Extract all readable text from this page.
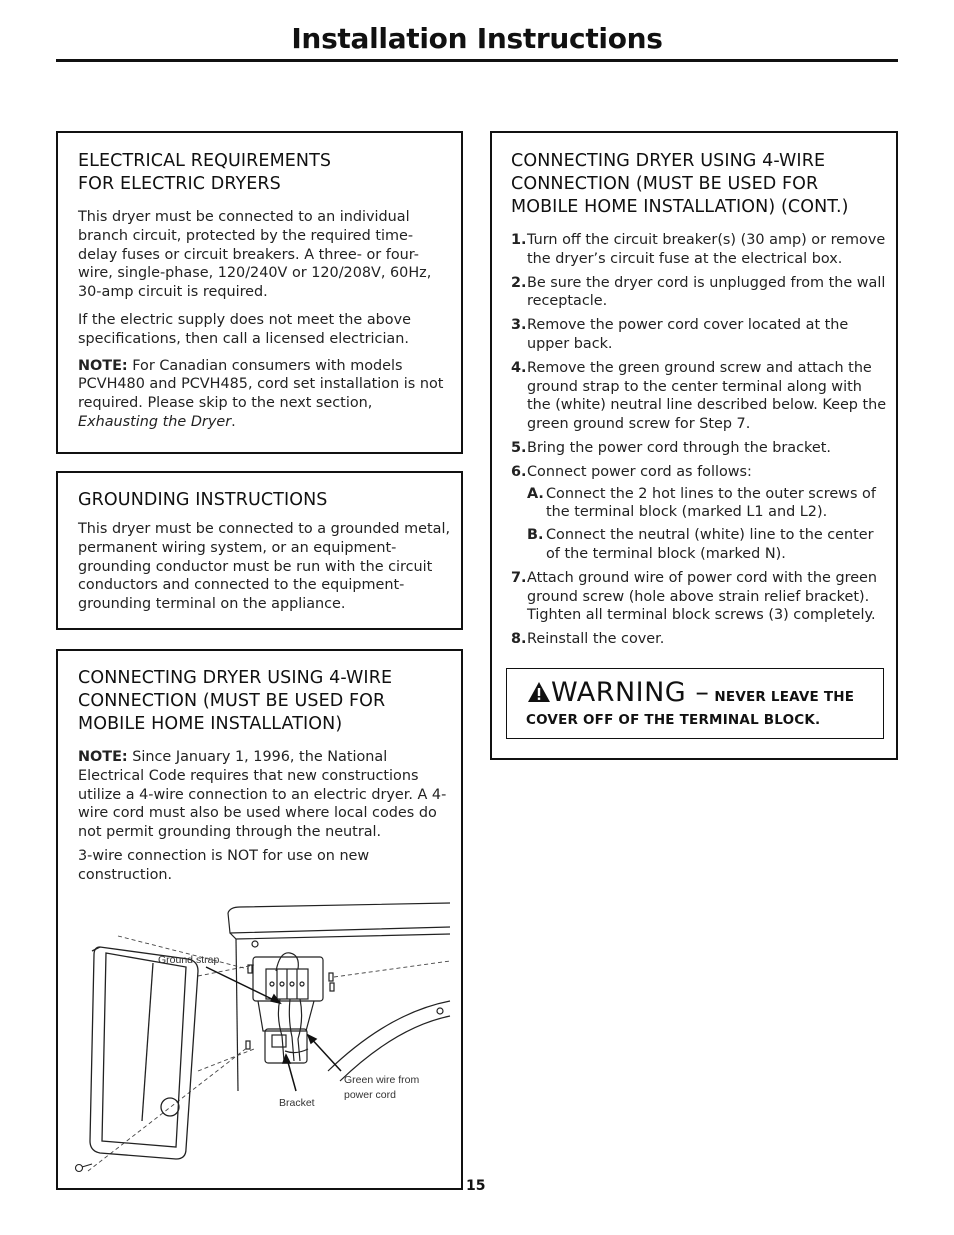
Installation Instructions
ELECTRICAL REQUIREMENTS
FOR ELECTRIC DRYERS

This dryer must be connected to an individual branch circuit, protected by the required time-delay fuses or circuit breakers. A three- or four-wire, single-phase, 120/240V or 120/208V, 60Hz, 30-amp circuit is required.

If the electric supply does not meet the above specifications, then call a licensed electrician.

NOTE: For Canadian consumers with models PCVH480 and PCVH485, cord set installation is not required. Please skip to the next section, Exhausting the Dryer.

GROUNDING INSTRUCTIONS

This dryer must be connected to a grounded metal, permanent wiring system, or an equipment-grounding conductor must be run with the circuit conductors and connected to the equipment-grounding terminal on the appliance.

CONNECTING DRYER USING 4-WIRE
CONNECTION (MUST BE USED FOR
MOBILE HOME INSTALLATION)

NOTE: Since January 1, 1996, the National Electrical Code requires that new constructions utilize a 4-wire connection to an electric dryer. A 4-wire cord must also be used where local codes do not permit grounding through the neutral.

3-wire connection is NOT for use on new construction.

Ground strap
Bracket
Green wire from
power cord
CONNECTING DRYER USING 4-WIRE
CONNECTION (MUST BE USED FOR
MOBILE HOME INSTALLATION) (CONT.)
1. Turn off the circuit breaker(s) (30 amp) or remove the dryer’s circuit fuse at the electrical box.
2. Be sure the dryer cord is unplugged from the wall receptacle.
3. Remove the power cord cover located at the upper back.
4. Remove the green ground screw and attach the ground strap to the center terminal along with the (white) neutral line described below. Keep the green ground screw for Step 7.
5. Bring the power cord through the bracket.
6. Connect power cord as follows:
A. Connect the 2 hot lines to the outer screws of the terminal block (marked L1 and L2).
B. Connect the neutral (white) line to the center of the terminal block (marked N).
7. Attach ground wire of power cord with the green ground screw (hole above strain relief bracket). Tighten all terminal block screws (3) completely.
8. Reinstall the cover.
WARNING – NEVER LEAVE THE
COVER OFF OF THE TERMINAL BLOCK.
15
